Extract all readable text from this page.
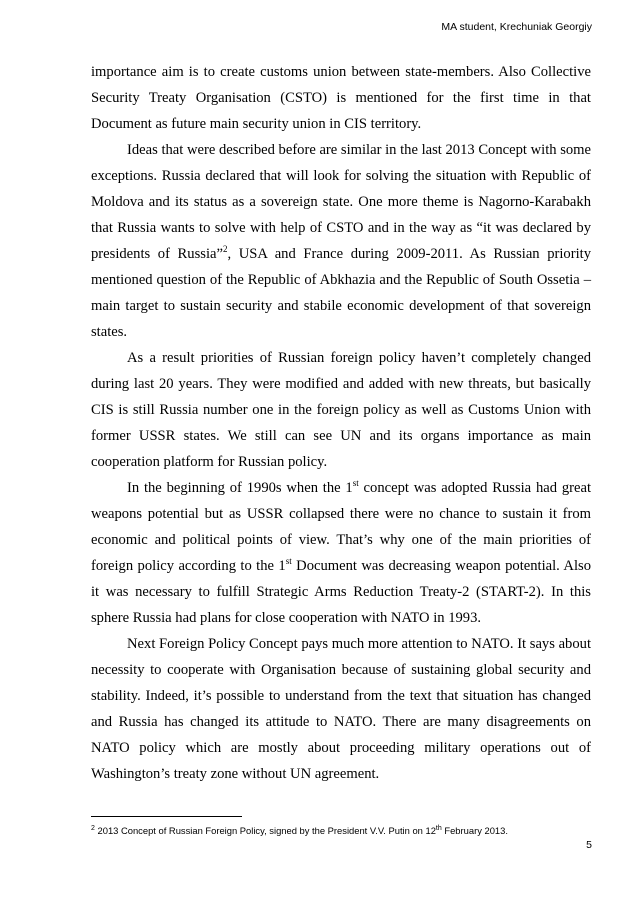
MA student, Krechuniak Georgiy

importance aim is to create customs union between state-members. Also Collective Security Treaty Organisation (CSTO) is mentioned for the first time in that Document as future main security union in CIS territory.

Ideas that were described before are similar in the last 2013 Concept with some exceptions. Russia declared that will look for solving the situation with Republic of Moldova and its status as a sovereign state. One more theme is Nagorno-Karabakh that Russia wants to solve with help of CSTO and in the way as “it was declared by presidents of Russia”$^2$, USA and France during 2009-2011. As Russian priority mentioned question of the Republic of Abkhazia and the Republic of South Ossetia – main target to sustain security and stabile economic development of that sovereign states.

As a result priorities of Russian foreign policy haven’t completely changed during last 20 years. They were modified and added with new threats, but basically CIS is still Russia number one in the foreign policy as well as Customs Union with former USSR states. We still can see UN and its organs importance as main cooperation platform for Russian policy.

In the beginning of 1990s when the 1st concept was adopted Russia had great weapons potential but as USSR collapsed there were no chance to sustain it from economic and political points of view. That’s why one of the main priorities of foreign policy according to the 1st Document was decreasing weapon potential. Also it was necessary to fulfill Strategic Arms Reduction Treaty-2 (START-2). In this sphere Russia had plans for close cooperation with NATO in 1993.

Next Foreign Policy Concept pays much more attention to NATO. It says about necessity to cooperate with Organisation because of sustaining global security and stability. Indeed, it’s possible to understand from the text that situation has changed and Russia has changed its attitude to NATO. There are many disagreements on NATO policy which are mostly about proceeding military operations out of Washington’s treaty zone without UN agreement.

$^2$ 2013 Concept of Russian Foreign Policy, signed by the President V.V. Putin on 12th February 2013.
5
